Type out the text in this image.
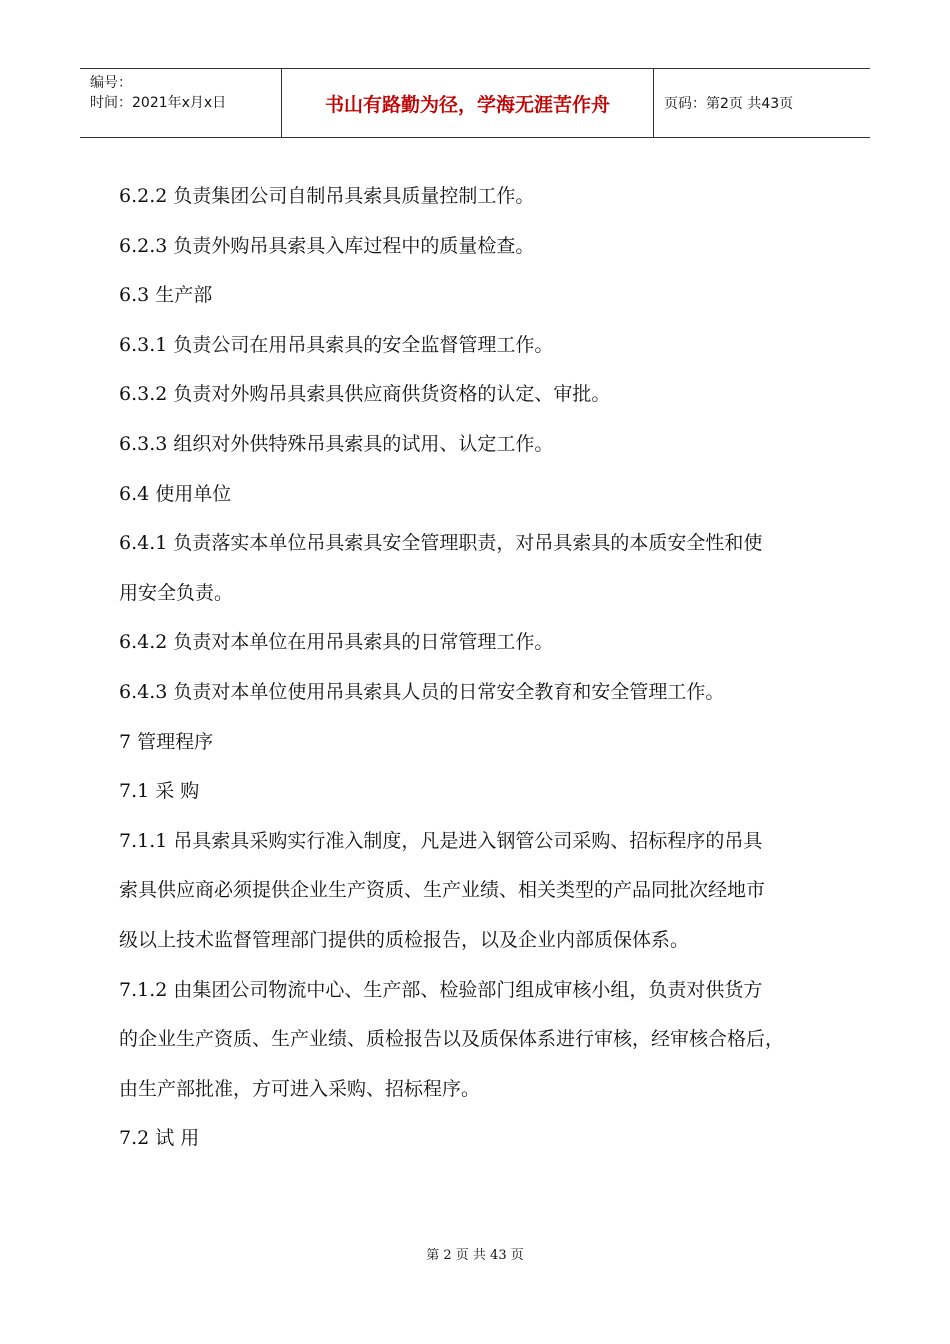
编号：
时间：2021年x月x日	书山有路勤为径，学海无涯苦作舟	页码：第2页 共43页
6.2.2 负责集团公司自制吊具索具质量控制工作。
6.2.3 负责外购吊具索具入库过程中的质量检查。
6.3 生产部
6.3.1 负责公司在用吊具索具的安全监督管理工作。
6.3.2 负责对外购吊具索具供应商供货资格的认定、审批。
6.3.3 组织对外供特殊吊具索具的试用、认定工作。
6.4 使用单位
6.4.1 负责落实本单位吊具索具安全管理职责，对吊具索具的本质安全性和使
用安全负责。
6.4.2 负责对本单位在用吊具索具的日常管理工作。
6.4.3 负责对本单位使用吊具索具人员的日常安全教育和安全管理工作。
7 管理程序
7.1 采 购
7.1.1 吊具索具采购实行准入制度，凡是进入钢管公司采购、招标程序的吊具
索具供应商必须提供企业生产资质、生产业绩、相关类型的产品同批次经地市
级以上技术监督管理部门提供的质检报告，以及企业内部质保体系。
7.1.2 由集团公司物流中心、生产部、检验部门组成审核小组，负责对供货方
的企业生产资质、生产业绩、质检报告以及质保体系进行审核，经审核合格后，
由生产部批准，方可进入采购、招标程序。
7.2 试 用
第 2 页 共 43 页
